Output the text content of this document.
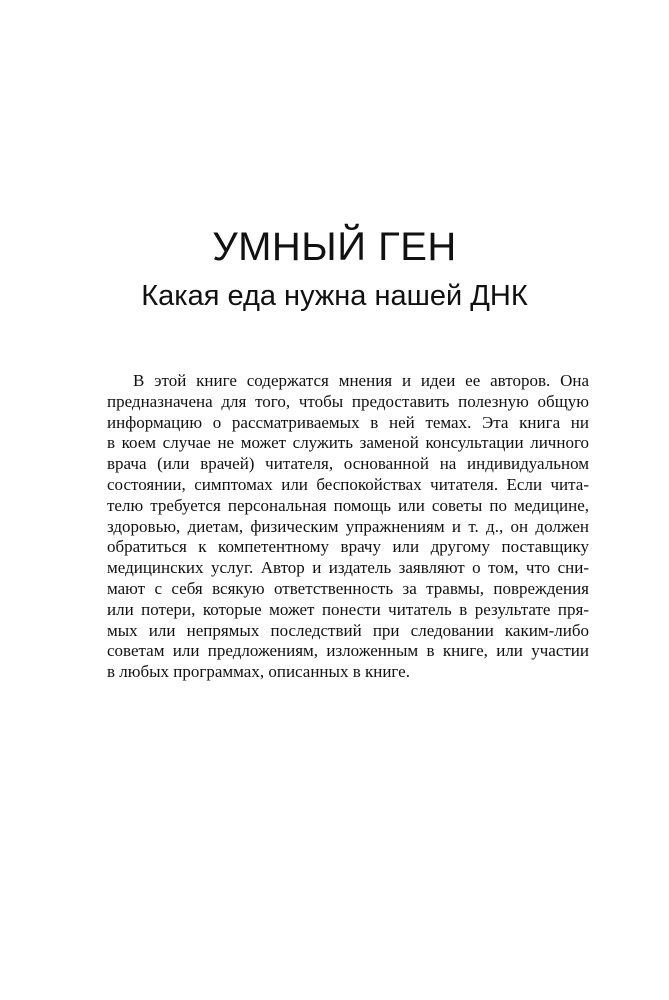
УМНЫЙ ГЕН
Какая еда нужна нашей ДНК
В этой книге содержатся мнения и идеи ее авторов. Она
предназначена для того, чтобы предоставить полезную общую
информацию о рассматриваемых в ней темах. Эта книга ни
в коем случае не может служить заменой консультации личного
врача (или врачей) читателя, основанной на индивидуальном
состоянии, симптомах или беспокойствах читателя. Если чита-
телю требуется персональная помощь или советы по медицине,
здоровью, диетам, физическим упражнениям и т. д., он должен
обратиться к компетентному врачу или другому поставщику
медицинских услуг. Автор и издатель заявляют о том, что сни-
мают с себя всякую ответственность за травмы, повреждения
или потери, которые может понести читатель в результате пря-
мых или непрямых последствий при следовании каким-либо
советам или предложениям, изложенным в книге, или участии
в любых программах, описанных в книге.
